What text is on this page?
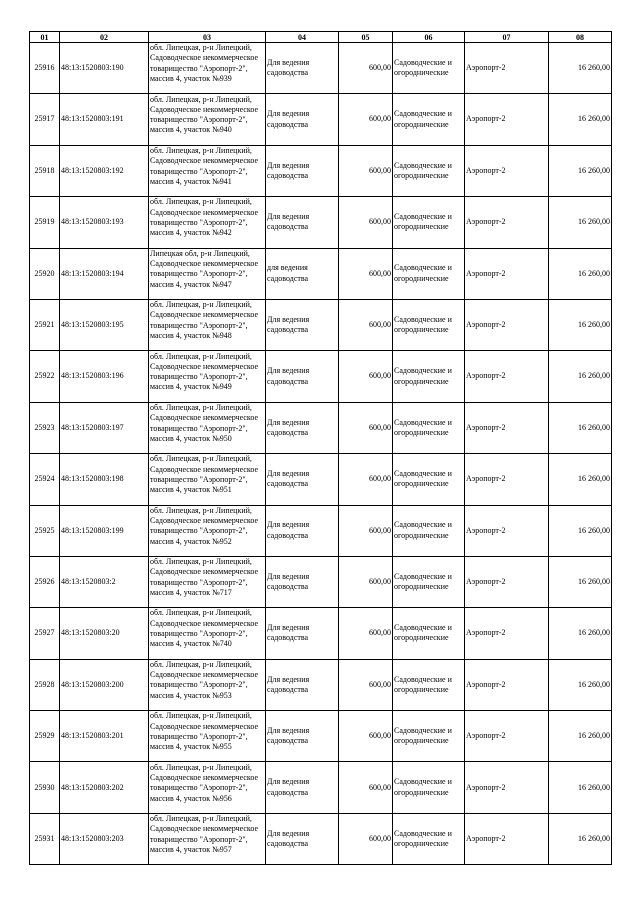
01	02	03	04	05	06	07	08
25916	48:13:1520803:190	обл. Липецкая, р-н Липецкий, Садоводческое некоммерческое товарищество "Аэропорт-2", массив 4, участок №939	Для ведения садоводства	600,00	Садоводческие и огороднические	Аэропорт-2	16 260,00
25917	48:13:1520803:191	обл. Липецкая, р-н Липецкий, Садоводческое некоммерческое товарищество "Аэропорт-2", массив 4, участок №940	Для ведения садоводства	600,00	Садоводческие и огороднические	Аэропорт-2	16 260,00
25918	48:13:1520803:192	обл. Липецкая, р-н Липецкий, Садоводческое некоммерческое товарищество "Аэропорт-2", массив 4, участок №941	Для ведения садоводства	600,00	Садоводческие и огороднические	Аэропорт-2	16 260,00
25919	48:13:1520803:193	обл. Липецкая, р-н Липецкий, Садоводческое некоммерческое товарищество "Аэропорт-2", массив 4, участок №942	Для ведения садоводства	600,00	Садоводческие и огороднические	Аэропорт-2	16 260,00
25920	48:13:1520803:194	Липецкая обл, р-н Липецкий, Садоводческое некоммерческое товарищество "Аэропорт-2", массив 4, участок №947	для ведения садоводства	600,00	Садоводческие и огороднические	Аэропорт-2	16 260,00
25921	48:13:1520803:195	обл. Липецкая, р-н Липецкий, Садоводческое некоммерческое товарищество "Аэропорт-2", массив 4, участок №948	Для ведения садоводства	600,00	Садоводческие и огороднические	Аэропорт-2	16 260,00
25922	48:13:1520803:196	обл. Липецкая, р-н Липецкий, Садоводческое некоммерческое товарищество "Аэропорт-2", массив 4, участок №949	Для ведения садоводства	600,00	Садоводческие и огороднические	Аэропорт-2	16 260,00
25923	48:13:1520803:197	обл. Липецкая, р-н Липецкий, Садоводческое некоммерческое товарищество "Аэропорт-2", массив 4, участок №950	Для ведения садоводства	600,00	Садоводческие и огороднические	Аэропорт-2	16 260,00
25924	48:13:1520803:198	обл. Липецкая, р-н Липецкий, Садоводческое некоммерческое товарищество "Аэропорт-2", массив 4, участок №951	Для ведения садоводства	600,00	Садоводческие и огороднические	Аэропорт-2	16 260,00
25925	48:13:1520803:199	обл. Липецкая, р-н Липецкий, Садоводческое некоммерческое товарищество "Аэропорт-2", массив 4, участок №952	Для ведения садоводства	600,00	Садоводческие и огороднические	Аэропорт-2	16 260,00
25926	48:13:1520803:2	обл. Липецкая, р-н Липецкий, Садоводческое некоммерческое товарищество "Аэропорт-2", массив 4, участок №717	Для ведения садоводства	600,00	Садоводческие и огороднические	Аэропорт-2	16 260,00
25927	48:13:1520803:20	обл. Липецкая, р-н Липецкий, Садоводческое некоммерческое товарищество "Аэропорт-2", массив 4, участок №740	Для ведения садоводства	600,00	Садоводческие и огороднические	Аэропорт-2	16 260,00
25928	48:13:1520803:200	обл. Липецкая, р-н Липецкий, Садоводческое некоммерческое товарищество "Аэропорт-2", массив 4, участок №953	Для ведения садоводства	600,00	Садоводческие и огороднические	Аэропорт-2	16 260,00
25929	48:13:1520803:201	обл. Липецкая, р-н Липецкий, Садоводческое некоммерческое товарищество "Аэропорт-2", массив 4, участок №955	Для ведения садоводства	600,00	Садоводческие и огороднические	Аэропорт-2	16 260,00
25930	48:13:1520803:202	обл. Липецкая, р-н Липецкий, Садоводческое некоммерческое товарищество "Аэропорт-2", массив 4, участок №956	Для ведения садоводства	600,00	Садоводческие и огороднические	Аэропорт-2	16 260,00
25931	48:13:1520803:203	обл. Липецкая, р-н Липецкий, Садоводческое некоммерческое товарищество "Аэропорт-2", массив 4, участок №957	Для ведения садоводства	600,00	Садоводческие и огороднические	Аэропорт-2	16 260,00
